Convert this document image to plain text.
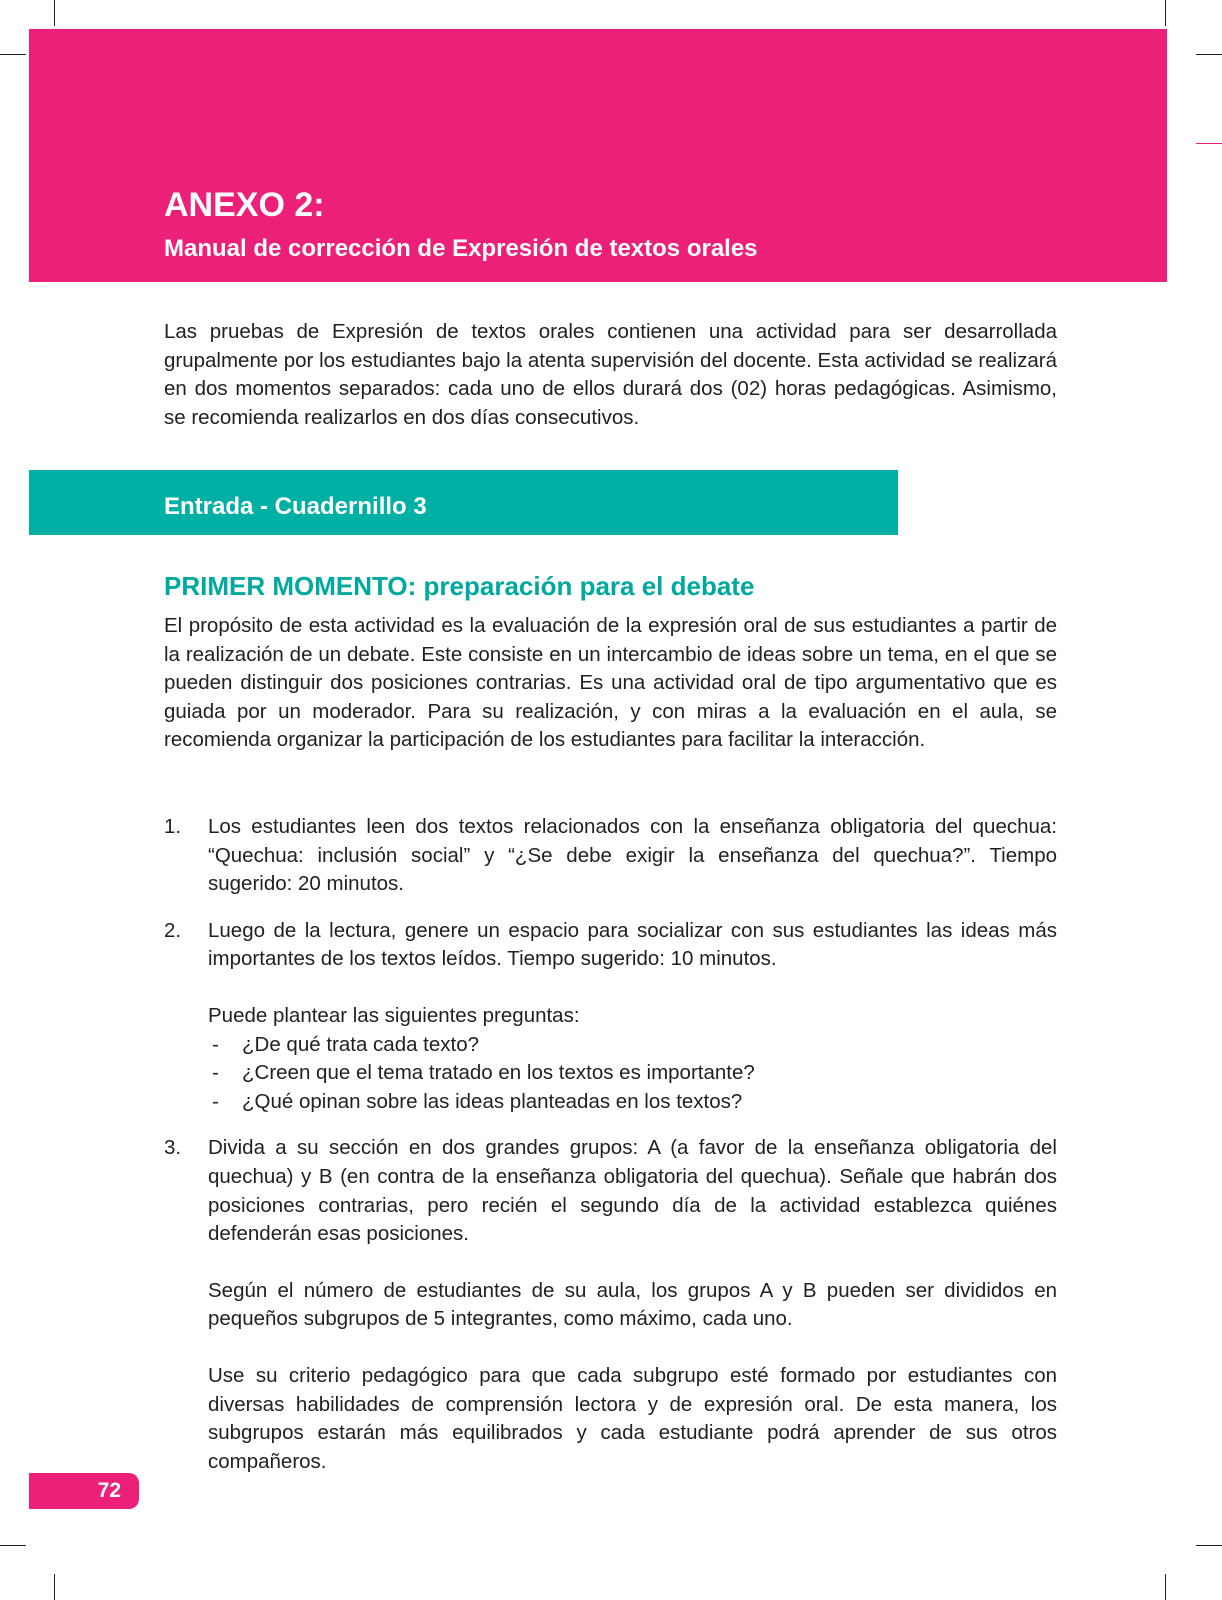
ANEXO 2:
Manual de corrección de Expresión de textos orales

Las pruebas de Expresión de textos orales contienen una actividad para ser desarrollada grupalmente por los estudiantes bajo la atenta supervisión del docente. Esta actividad se realizará en dos momentos separados: cada uno de ellos durará dos (02) horas pedagógicas. Asimismo, se recomienda realizarlos en dos días consecutivos.

Entrada - Cuadernillo 3
PRIMER MOMENTO: preparación para el debate

El propósito de esta actividad es la evaluación de la expresión oral de sus estudiantes a partir de la realización de un debate. Este consiste en un intercambio de ideas sobre un tema, en el que se pueden distinguir dos posiciones contrarias. Es una actividad oral de tipo argumentativo que es guiada por un moderador. Para su realización, y con miras a la evaluación en el aula, se recomienda organizar la participación de los estudiantes para facilitar la interacción.

1. Los estudiantes leen dos textos relacionados con la enseñanza obligatoria del quechua: “Quechua: inclusión social” y “¿Se debe exigir la enseñanza del quechua?”. Tiempo sugerido: 20 minutos.

2. Luego de la lectura, genere un espacio para socializar con sus estudiantes las ideas más importantes de los textos leídos. Tiempo sugerido: 10 minutos.

Puede plantear las siguientes preguntas:

- ¿De qué trata cada texto?
- ¿Creen que el tema tratado en los textos es importante?
- ¿Qué opinan sobre las ideas planteadas en los textos?
3. Divida a su sección en dos grandes grupos: A (a favor de la enseñanza obligatoria del quechua) y B (en contra de la enseñanza obligatoria del quechua). Señale que habrán dos posiciones contrarias, pero recién el segundo día de la actividad establezca quiénes defenderán esas posiciones.

Según el número de estudiantes de su aula, los grupos A y B pueden ser divididos en pequeños subgrupos de 5 integrantes, como máximo, cada uno.

Use su criterio pedagógico para que cada subgrupo esté formado por estudiantes con diversas habilidades de comprensión lectora y de expresión oral. De esta manera, los subgrupos estarán más equilibrados y cada estudiante podrá aprender de sus otros compañeros.

72
